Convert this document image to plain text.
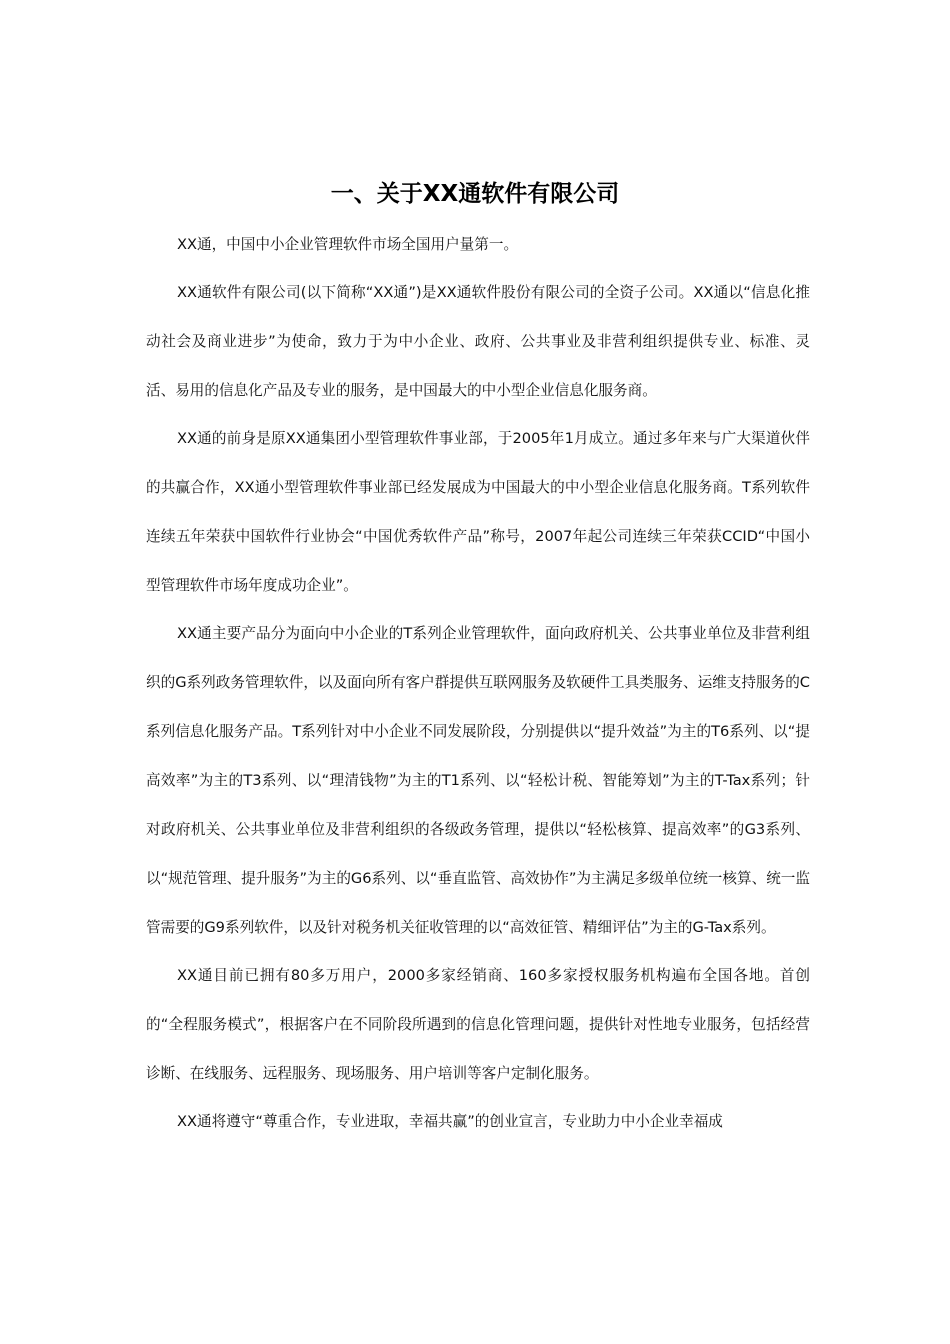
一、关于XX通软件有限公司

XX通，中国中小企业管理软件市场全国用户量第一。

XX通软件有限公司(以下简称“XX通”)是XX通软件股份有限公司的全资子公司。XX通以“信息化推动社会及商业进步”为使命，致力于为中小企业、政府、公共事业及非营利组织提供专业、标准、灵活、易用的信息化产品及专业的服务，是中国最大的中小型企业信息化服务商。

XX通的前身是原XX通集团小型管理软件事业部，于2005年1月成立。通过多年来与广大渠道伙伴的共赢合作，XX通小型管理软件事业部已经发展成为中国最大的中小型企业信息化服务商。T系列软件连续五年荣获中国软件行业协会“中国优秀软件产品”称号，2007年起公司连续三年荣获CCID“中国小型管理软件市场年度成功企业”。

XX通主要产品分为面向中小企业的T系列企业管理软件，面向政府机关、公共事业单位及非营利组织的G系列政务管理软件，以及面向所有客户群提供互联网服务及软硬件工具类服务、运维支持服务的C系列信息化服务产品。T系列针对中小企业不同发展阶段，分别提供以“提升效益”为主的T6系列、以“提高效率”为主的T3系列、以“理清钱物”为主的T1系列、以“轻松计税、智能筹划”为主的T-Tax系列；针对政府机关、公共事业单位及非营利组织的各级政务管理，提供以“轻松核算、提高效率”的G3系列、以“规范管理、提升服务”为主的G6系列、以“垂直监管、高效协作”为主满足多级单位统一核算、统一监管需要的G9系列软件，以及针对税务机关征收管理的以“高效征管、精细评估”为主的G-Tax系列。

XX通目前已拥有80多万用户，2000多家经销商、160多家授权服务机构遍布全国各地。首创的“全程服务模式”，根据客户在不同阶段所遇到的信息化管理问题，提供针对性地专业服务，包括经营诊断、在线服务、远程服务、现场服务、用户培训等客户定制化服务。

XX通将遵守“尊重合作，专业进取，幸福共赢”的创业宣言，专业助力中小企业幸福成
